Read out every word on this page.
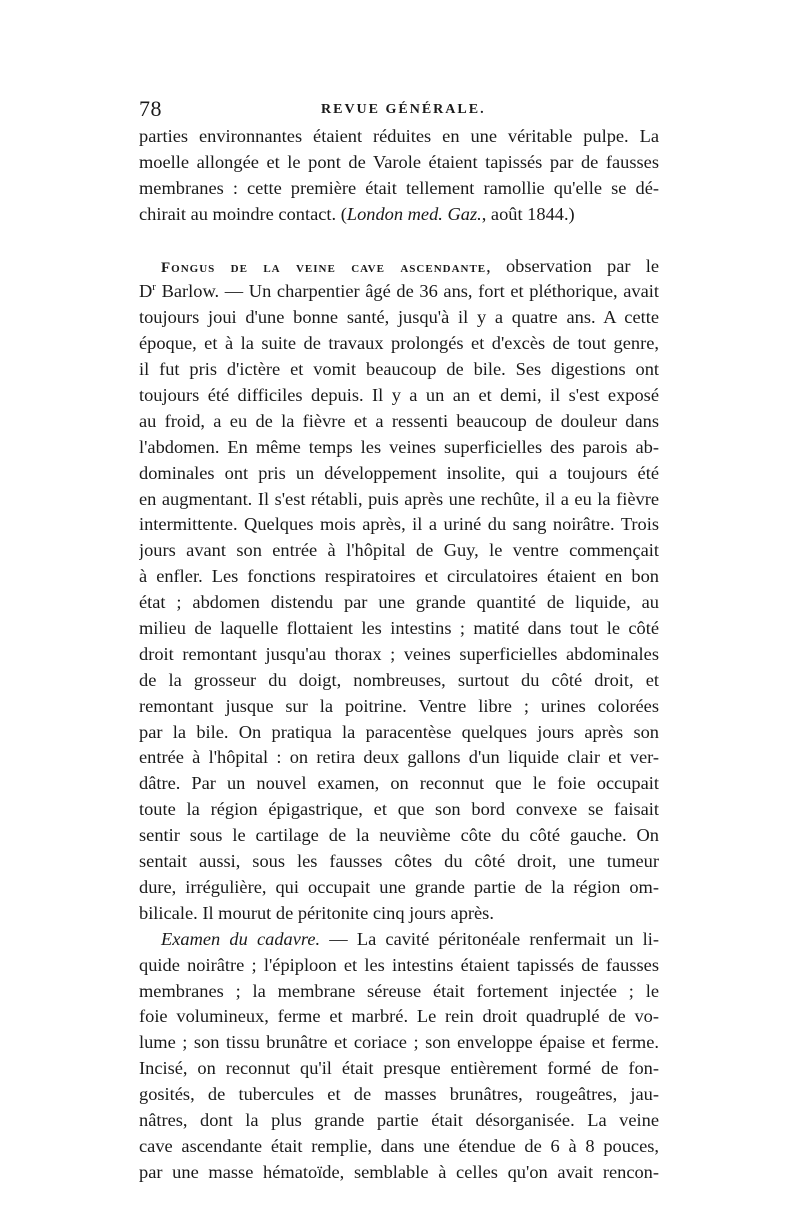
78	REVUE GÉNÉRALE.
parties environnantes étaient réduites en une véritable pulpe. La
moelle allongée et le pont de Varole étaient tapissés par de fausses
membranes : cette première était tellement ramollie qu'elle se dé-
chirait au moindre contact. (London med. Gaz., août 1844.)
Fongus de la veine cave ascendante, observation par le
$D^r$ Barlow. — Un charpentier âgé de 36 ans, fort et pléthorique, avait
toujours joui d'une bonne santé, jusqu'à il y a quatre ans. A cette
époque, et à la suite de travaux prolongés et d'excès de tout genre,
il fut pris d'ictère et vomit beaucoup de bile. Ses digestions ont
toujours été difficiles depuis. Il y a un an et demi, il s'est exposé
au froid, a eu de la fièvre et a ressenti beaucoup de douleur dans
l'abdomen. En même temps les veines superficielles des parois ab-
dominales ont pris un développement insolite, qui a toujours été
en augmentant. Il s'est rétabli, puis après une rechûte, il a eu la fièvre
intermittente. Quelques mois après, il a uriné du sang noirâtre. Trois
jours avant son entrée à l'hôpital de Guy, le ventre commençait
à enfler. Les fonctions respiratoires et circulatoires étaient en bon
état ; abdomen distendu par une grande quantité de liquide, au
milieu de laquelle flottaient les intestins ; matité dans tout le côté
droit remontant jusqu'au thorax ; veines superficielles abdominales
de la grosseur du doigt, nombreuses, surtout du côté droit, et
remontant jusque sur la poitrine. Ventre libre ; urines colorées
par la bile. On pratiqua la paracentèse quelques jours après son
entrée à l'hôpital : on retira deux gallons d'un liquide clair et ver-
dâtre. Par un nouvel examen, on reconnut que le foie occupait
toute la région épigastrique, et que son bord convexe se faisait
sentir sous le cartilage de la neuvième côte du côté gauche. On
sentait aussi, sous les fausses côtes du côté droit, une tumeur
dure, irrégulière, qui occupait une grande partie de la région om-
bilicale. Il mourut de péritonite cinq jours après.
Examen du cadavre. — La cavité péritonéale renfermait un li-
quide noirâtre ; l'épiploon et les intestins étaient tapissés de fausses
membranes ; la membrane séreuse était fortement injectée ; le
foie volumineux, ferme et marbré. Le rein droit quadruplé de vo-
lume ; son tissu brunâtre et coriace ; son enveloppe épaise et ferme.
Incisé, on reconnut qu'il était presque entièrement formé de fon-
gosités, de tubercules et de masses brunâtres, rougeâtres, jau-
nâtres, dont la plus grande partie était désorganisée. La veine
cave ascendante était remplie, dans une étendue de 6 à 8 pouces,
par une masse hématoïde, semblable à celles qu'on avait rencon-
